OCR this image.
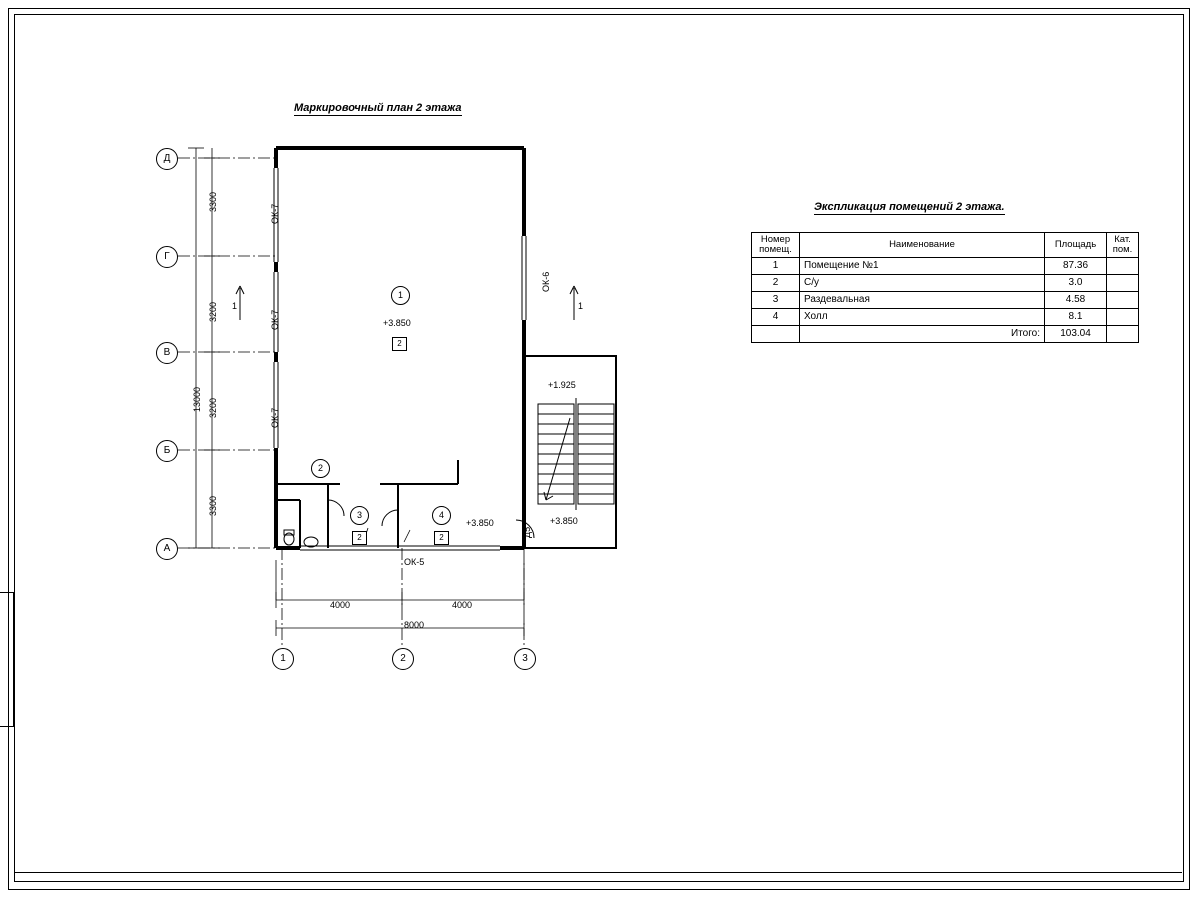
Маркировочный план 2 этажа
Экспликация помещений 2 этажа.
Номер
помещ.	Наименование	Площадь	Кат.
пом.
1	Помещение №1	87.36	
2	С/у	3.0	
3	Раздевальная	4.58	
4	Холл	8.1	
	Итого:	103.04	
Д
Г
В
Б
А
1	2	3
3300
3200
3200
3300
13000
4000	4000
8000
ОК-7
ОК-7
ОК-7
ОК-6
ОК-5
Д5
1	1
+3.850
+1.925
+3.850	+3.850
1
2
2
3
2
4
2
